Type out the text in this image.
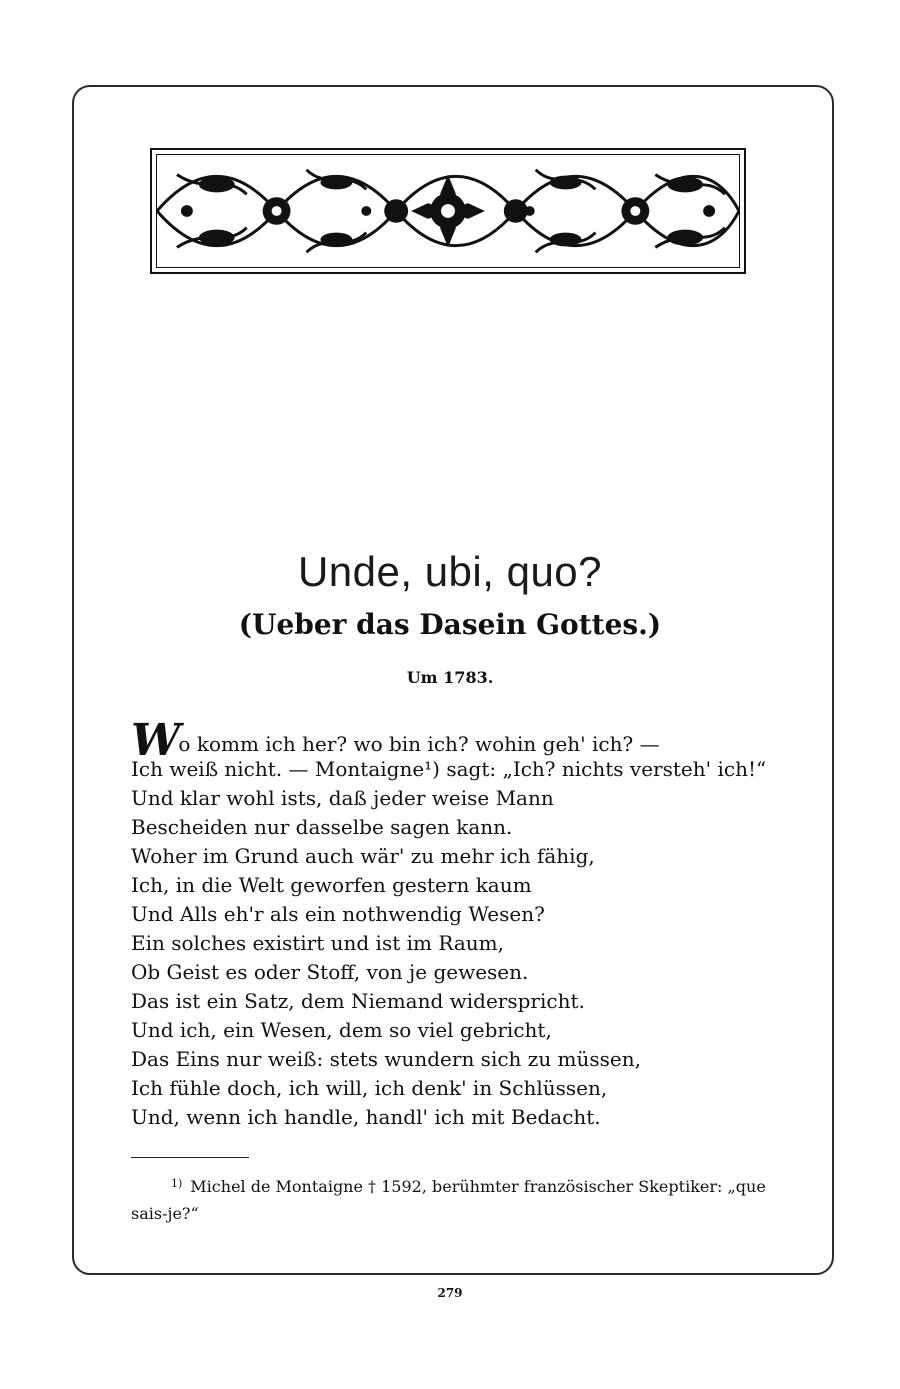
Unde, ubi, quo?
(Ueber das Dasein Gottes.)
Um 1783.
Wo komm ich her? wo bin ich? wohin geh' ich? —
Ich weiß nicht. — Montaigne¹) sagt: „Ich? nichts versteh' ich!“
Und klar wohl ists, daß jeder weise Mann
Bescheiden nur dasselbe sagen kann.
Woher im Grund auch wär' zu mehr ich fähig,
Ich, in die Welt geworfen gestern kaum
Und Alls eh'r als ein nothwendig Wesen?
Ein solches existirt und ist im Raum,
Ob Geist es oder Stoff, von je gewesen.
Das ist ein Satz, dem Niemand widerspricht.
Und ich, ein Wesen, dem so viel gebricht,
Das Eins nur weiß: stets wundern sich zu müssen,
Ich fühle doch, ich will, ich denk' in Schlüssen,
Und, wenn ich handle, handl' ich mit Bedacht.
$^{1)}$ Michel de Montaigne † 1592, berühmter französischer Skeptiker: „que sais-je?“
279
